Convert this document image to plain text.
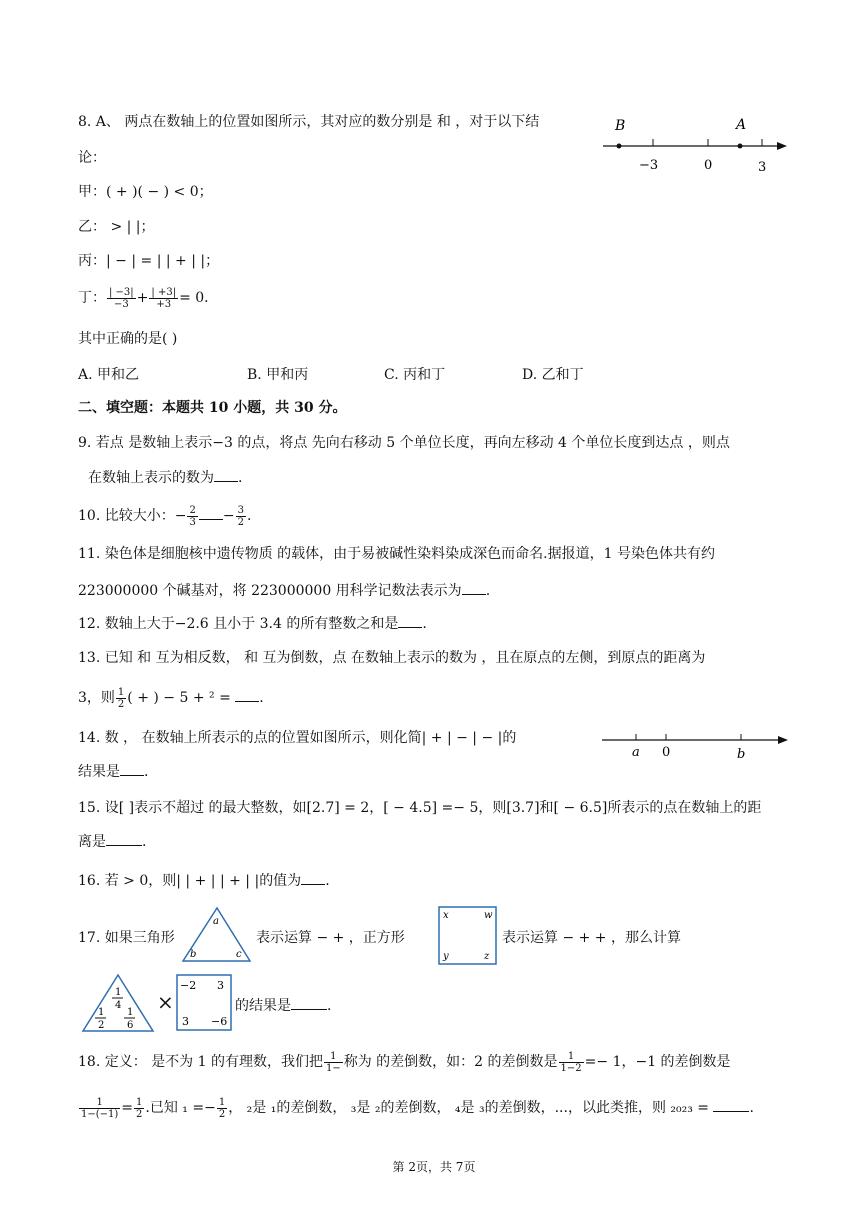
8. A、 两点在数轴上的位置如图所示，其对应的数分别是 和 ，对于以下结
论：
B	A
−3	0	3
甲：( + )( − ) < 0；
乙： > | |；
丙：| − | = | | + | |；
丁： $\frac{| -3|}{-3} + \frac{| +3|}{+3} = 0$．
其中正确的是( )
A. 甲和乙	B. 甲和丙	C. 丙和丁	D. 乙和丁
二、填空题：本题共 10 小题，共 30 分。
9. 若点 是数轴上表示−3 的点，将点 先向右移动 5 个单位长度，再向左移动 4 个单位长度到达点 ，则点
在数轴上表示的数为 .
10. 比较大小：− $\frac{2}{3} - \frac{3}{2}$ .
11. 染色体是细胞核中遗传物质 的载体，由于易被碱性染料染成深色而命名.据报道，1 号染色体共有约
223000000 个碱基对，将 223000000 用科学记数法表示为 .
12. 数轴上大于−2.6 且小于 3.4 的所有整数之和是 .
13. 已知 和 互为相反数， 和 互为倒数，点 在数轴上表示的数为 ，且在原点的左侧，到原点的距离为
3，则 $\frac{1}{2}$ ( + ) − 5 + ² = .
14. 数 ， 在数轴上所表示的点的位置如图所示，则化简| + | − | − |的
结果是 .
a 0	b
15. 设[ ]表示不超过 的最大整数，如[2.7] = 2，[ − 4.5] =− 5，则[3.7]和[ − 6.5]所表示的点在数轴上的距
离是	.
16. 若 > 0，则| | + | | + | |的值为 .
17. 如果三角形
a
b	c
表示运算 − + ，正方形
x	w
y	z
表示运算 − + + ，那么计算
1
4
1
2
1
6
×
−2 3
3 −6
的结果是	.
18. 定义： 是不为 1 的有理数，我们把 $\frac{1}{1-}$ 称为 的差倒数，如：2 的差倒数是 $\frac{1}{1-2} =- 1$，−1 的差倒数是
$\frac{1}{1-(-1)} = \frac{1}{2}$ .已知 $_1 =- \frac{1}{2}$ ， ₂是 ₁的差倒数， ₃是 ₂的差倒数， ₄是 ₃的差倒数，...，以此类推，则 ₂₀₂₃ =	.
第 2页，共 7页
